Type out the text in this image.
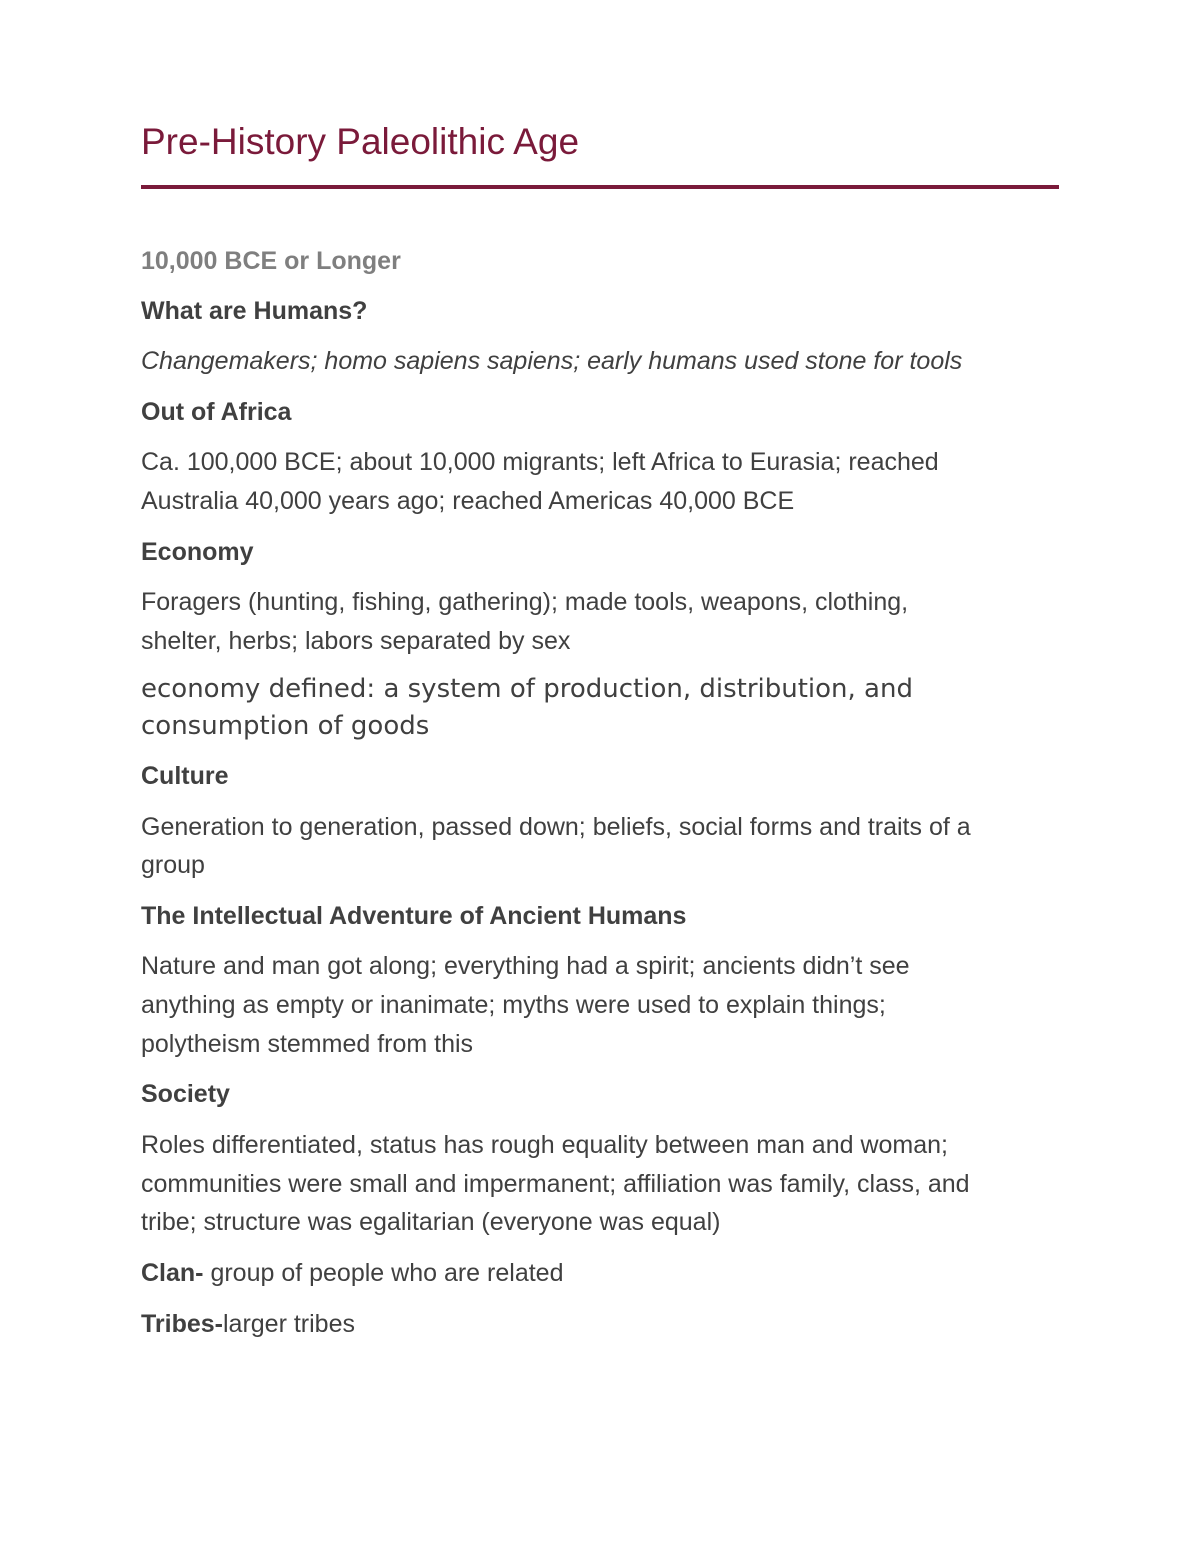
Pre-History Paleolithic Age
10,000 BCE or Longer
What are Humans?
Changemakers; homo sapiens sapiens; early humans used stone for tools
Out of Africa
Ca. 100,000 BCE; about 10,000 migrants; left Africa to Eurasia; reached
Australia 40,000 years ago; reached Americas 40,000 BCE
Economy
Foragers (hunting, fishing, gathering); made tools, weapons, clothing,
shelter, herbs; labors separated by sex
economy defined: a system of production, distribution, and
consumption of goods
Culture
Generation to generation, passed down; beliefs, social forms and traits of a
group
The Intellectual Adventure of Ancient Humans
Nature and man got along; everything had a spirit; ancients didn’t see
anything as empty or inanimate; myths were used to explain things;
polytheism stemmed from this
Society
Roles differentiated, status has rough equality between man and woman;
communities were small and impermanent; affiliation was family, class, and
tribe; structure was egalitarian (everyone was equal)
Clan- group of people who are related
Tribes-larger tribes
